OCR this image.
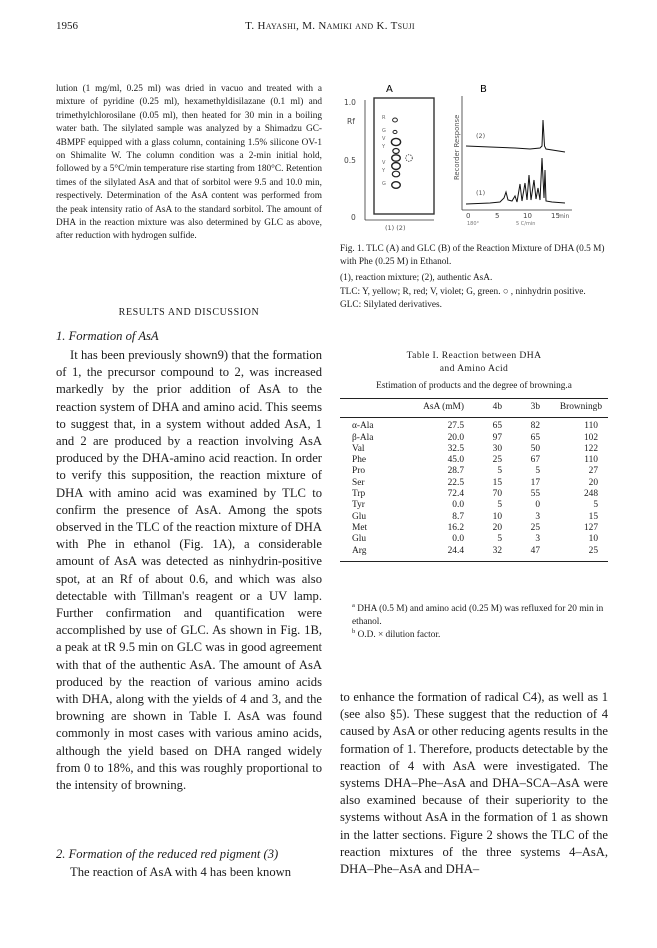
1956	T. Hayashi, M. Namiki and K. Tsuji
lution (1 mg/ml, 0.25 ml) was dried in vacuo and treated with a mixture of pyridine (0.25 ml), hexamethyldisilazane (0.1 ml) and trimethylchlorosilane (0.05 ml), then heated for 30 min in a boiling water bath. The silylated sample was analyzed by a Shimadzu GC-4BMPF equipped with a glass column, containing 1.5% silicone OV-1 on Shimalite W. The column condition was a 2-min initial hold, followed by a 5°C/min temperature rise starting from 180°C. Retention times of the silylated AsA and that of sorbitol were 9.5 and 10.0 min, respectively. Determination of the AsA content was performed from the peak intensity ratio of AsA to the standard sorbitol. The amount of DHA in the reaction mixture was also determined by GLC as above, after reduction with hydrogen sulfide.
RESULTS AND DISCUSSION
1. Formation of AsA
It has been previously shown9) that the formation of 1, the precursor compound to 2, was increased markedly by the prior addition of AsA to the reaction system of DHA and amino acid. This seems to suggest that, in a system without added AsA, 1 and 2 are produced by a reaction involving AsA produced by the DHA-amino acid reaction. In order to verify this supposition, the reaction mixture of DHA with amino acid was examined by TLC to confirm the presence of AsA. Among the spots observed in the TLC of the reaction mixture of DHA with Phe in ethanol (Fig. 1A), a considerable amount of AsA was detected as ninhydrin-positive spot, at an Rf of about 0.6, and which was also detectable with Tillman's reagent or a UV lamp. Further confirmation and quantification were accomplished by use of GLC. As shown in Fig. 1B, a peak at tR 9.5 min on GLC was in good agreement with that of the authentic AsA. The amount of AsA produced by the reaction of various amino acids with DHA, along with the yields of 4 and 3, and the browning are shown in Table I. AsA was found commonly in most cases with various amino acids, although the yield based on DHA ranged widely from 0 to 18%, and this was roughly proportional to the intensity of browning.
2. Formation of the reduced red pigment (3)
The reaction of AsA with 4 has been known
A
Rf
1.0
0.5
0
R
G
V
Y
V
Y
G
(1) (2)
B
Recorder Response (2)
(1)
0	5	10	15
min
180°	5 C/min
Fig. 1. TLC (A) and GLC (B) of the Reaction Mixture of DHA (0.5 M) with Phe (0.25 M) in Ethanol.
(1), reaction mixture; (2), authentic AsA.
TLC: Y, yellow; R, red; V, violet; G, green. ○ , ninhydrin positive.
GLC: Silylated derivatives.
Table I. Reaction between DHA
and Amino Acid
Estimation of products and the degree of browning.a
	AsA (mM)	4b	3b	Browningb
α-Ala	27.5	65	82	110
β-Ala	20.0	97	65	102
Val	32.5	30	50	122
Phe	45.0	25	67	110
Pro	28.7	5	5	27
Ser	22.5	15	17	20
Trp	72.4	70	55	248
Tyr	0.0	5	0	5
Glu	8.7	10	3	15
Met	16.2	20	25	127
Glu	0.0	5	3	10
Arg	24.4	32	47	25
$^a$ DHA (0.5 M) and amino acid (0.25 M) was refluxed for 20 min in ethanol.
$^b$ O.D. × dilution factor.
to enhance the formation of radical C4), as well as 1 (see also §5). These suggest that the reduction of 4 caused by AsA or other reducing agents results in the formation of 1. Therefore, products detectable by the reaction of 4 with AsA were investigated. The systems DHA–Phe–AsA and DHA–SCA–AsA were also examined because of their superiority to the systems without AsA in the formation of 1 as shown in the latter sections. Figure 2 shows the TLC of the reaction mixtures of the three systems 4–AsA, DHA–Phe–AsA and DHA–
